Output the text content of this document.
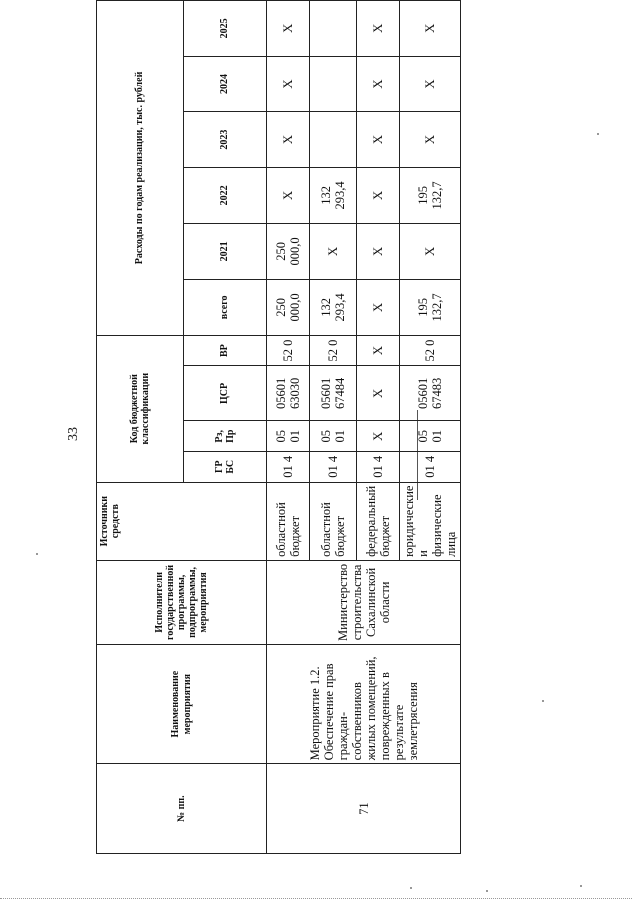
33
№ пп.	Наименование мероприятия	Исполнители государственной программы, подпрограммы, мероприятия	Источники средств	Код бюджетной классификации				Расходы по годам реализации, тыс. рублей					
				ГР БС	Рз, Пр	ЦСР	ВР	всего	2021	2022	2023	2024	2025
71	Мероприятие 1.2. Обеспечение прав граждан-собственников жилых помещений, поврежденных в результате землетрясения	Министерство строительства Сахалинской области	областной бюджет	01 4	05 01	05601 63030	52 0	250 000,0	250 000,0	X	X	X	X
			областной бюджет	01 4	05 01	05601 67484	52 0	132 293,4	X	132 293,4			
			федеральный бюджет	01 4	X	X	X	X	X	X	X	X	X
			юридические и физические лица	01 4	05 01	05601 67483	52 0	195 132,7	X	195 132,7	X	X	X
